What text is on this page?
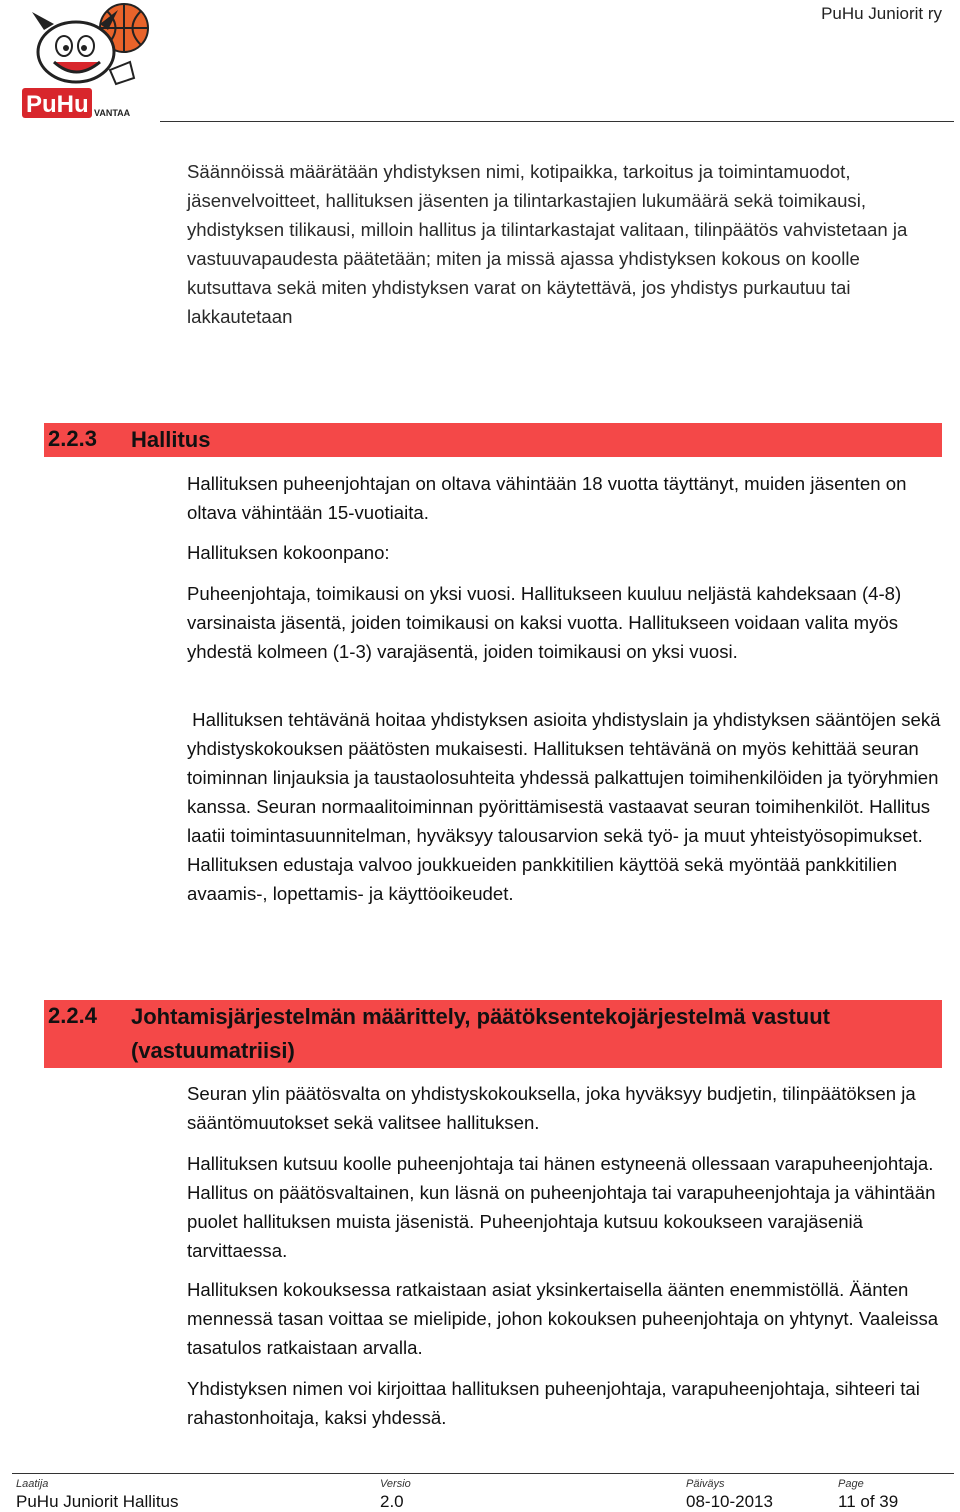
PuHu VANTAA
PuHu Juniorit ry
Säännöissä määrätään yhdistyksen nimi, kotipaikka, tarkoitus ja toimintamuodot, jäsenvelvoitteet, hallituksen jäsenten ja tilintarkastajien lukumäärä sekä toimikausi, yhdistyksen tilikausi, milloin hallitus ja tilintarkastajat valitaan, tilinpäätös vahvistetaan ja vastuuvapaudesta päätetään; miten ja missä ajassa yhdistyksen kokous on koolle kutsuttava sekä miten yhdistyksen varat on käytettävä, jos yhdistys purkautuu tai lakkautetaan
2.2.3 Hallitus
Hallituksen puheenjohtajan on oltava vähintään 18 vuotta täyttänyt, muiden jäsenten on oltava vähintään 15-vuotiaita.
Hallituksen kokoonpano:
Puheenjohtaja, toimikausi on yksi vuosi. Hallitukseen kuuluu neljästä kahdeksaan (4-8) varsinaista jäsentä, joiden toimikausi on kaksi vuotta. Hallitukseen voidaan valita myös yhdestä kolmeen (1-3) varajäsentä, joiden toimikausi on yksi vuosi.
Hallituksen tehtävänä hoitaa yhdistyksen asioita yhdistyslain ja yhdistyksen sääntöjen sekä yhdistyskokouksen päätösten mukaisesti. Hallituksen tehtävänä on myös kehittää seuran toiminnan linjauksia ja taustaolosuhteita yhdessä palkattujen toimihenkilöiden ja työryhmien kanssa. Seuran normaalitoiminnan pyörittämisestä vastaavat seuran toimihenkilöt. Hallitus laatii toimintasuunnitelman, hyväksyy talousarvion sekä työ- ja muut yhteistyösopimukset. Hallituksen edustaja valvoo joukkueiden pankkitilien käyttöä sekä myöntää pankkitilien avaamis-, lopettamis- ja käyttöoikeudet.
2.2.4 Johtamisjärjestelmän määrittely, päätöksentekojärjestelmä vastuut (vastuumatriisi)
Seuran ylin päätösvalta on yhdistyskokouksella, joka hyväksyy budjetin, tilinpäätöksen ja sääntömuutokset sekä valitsee hallituksen.
Hallituksen kutsuu koolle puheenjohtaja tai hänen estyneenä ollessaan varapuheenjohtaja. Hallitus on päätösvaltainen, kun läsnä on puheenjohtaja tai varapuheenjohtaja ja vähintään puolet hallituksen muista jäsenistä. Puheenjohtaja kutsuu kokoukseen varajäseniä tarvittaessa.
Hallituksen kokouksessa ratkaistaan asiat yksinkertaisella äänten enemmistöllä. Äänten mennessä tasan voittaa se mielipide, johon kokouksen puheenjohtaja on yhtynyt. Vaaleissa tasatulos ratkaistaan arvalla.
Yhdistyksen nimen voi kirjoittaa hallituksen puheenjohtaja, varapuheenjohtaja, sihteeri tai rahastonhoitaja, kaksi yhdessä.
Laatija
PuHu Juniorit Hallitus
Versio
2.0
Päiväys
08-10-2013
Page
11 of 39
